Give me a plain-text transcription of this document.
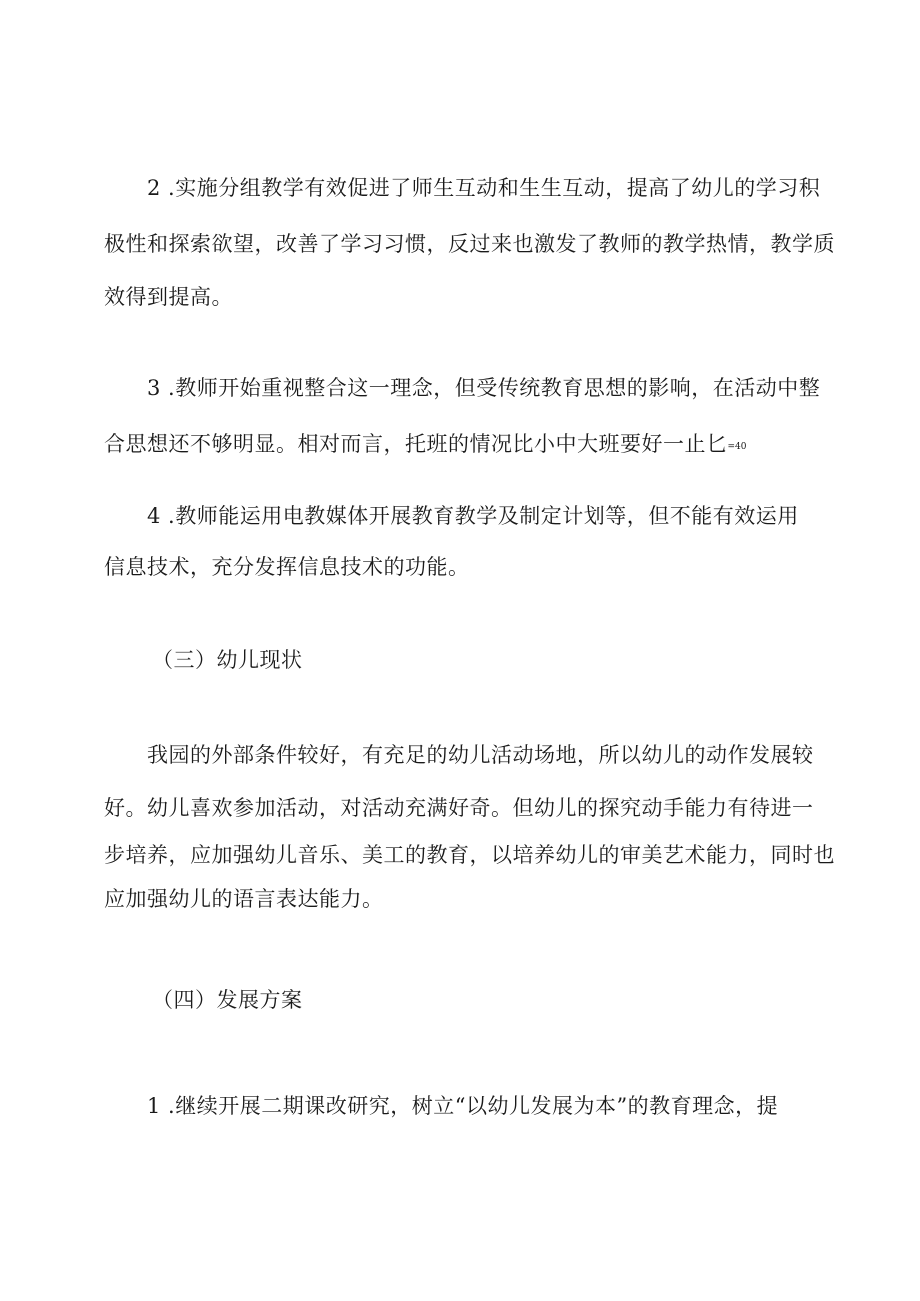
2 .实施分组教学有效促进了师生互动和生生互动，提高了幼儿的学习积
极性和探索欲望，改善了学习习惯，反过来也激发了教师的教学热情，教学质
效得到提高。
3 .教师开始重视整合这一理念，但受传统教育思想的影响，在活动中整
合思想还不够明显。相对而言，托班的情况比小中大班要好一止匕=40
4 .教师能运用电教媒体开展教育教学及制定计划等，但不能有效运用
信息技术，充分发挥信息技术的功能。
（三）幼儿现状
我园的外部条件较好，有充足的幼儿活动场地，所以幼儿的动作发展较
好。幼儿喜欢参加活动，对活动充满好奇。但幼儿的探究动手能力有待进一
步培养，应加强幼儿音乐、美工的教育，以培养幼儿的审美艺术能力，同时也
应加强幼儿的语言表达能力。
（四）发展方案
1 .继续开展二期课改研究，树立“以幼儿发展为本”的教育理念，提
